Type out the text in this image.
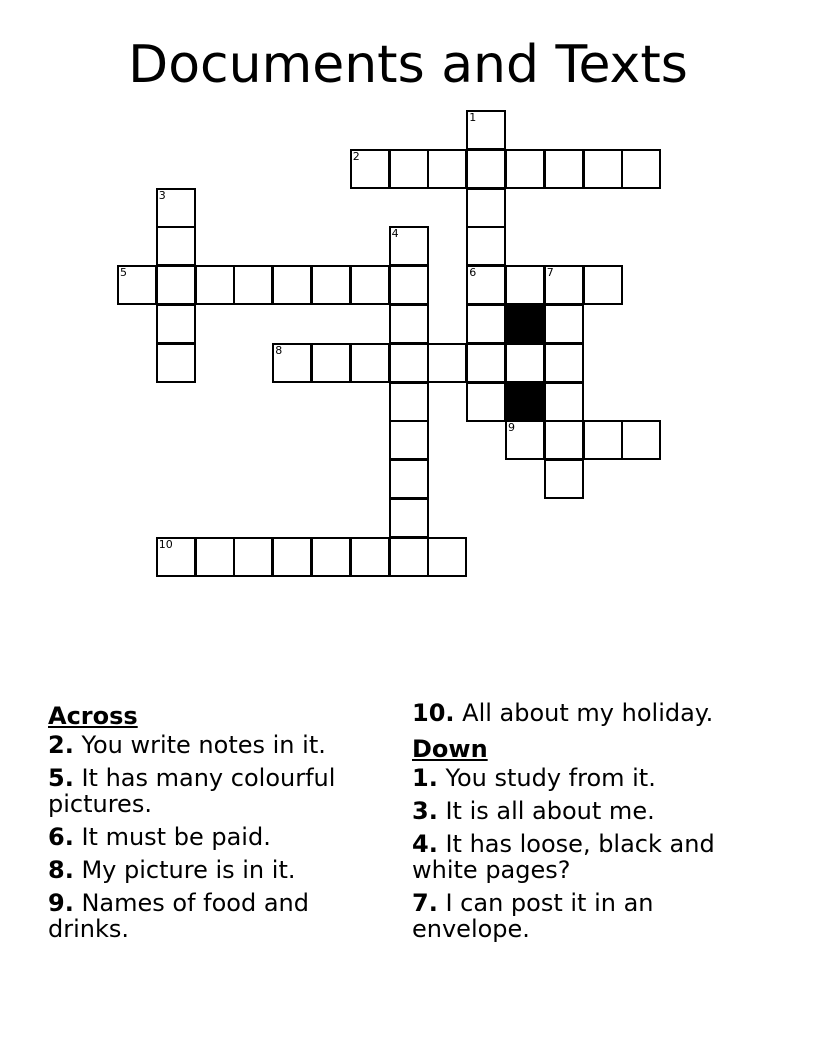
Documents and Texts
1
2
3
4
5	6	7
8
9
10
Across
2. You write notes in it.
5. It has many colourful pictures.
6. It must be paid.
8. My picture is in it.
9. Names of food and drinks.
10. All about my holiday.
Down
1. You study from it.
3. It is all about me.
4. It has loose, black and white pages?
7. I can post it in an envelope.
